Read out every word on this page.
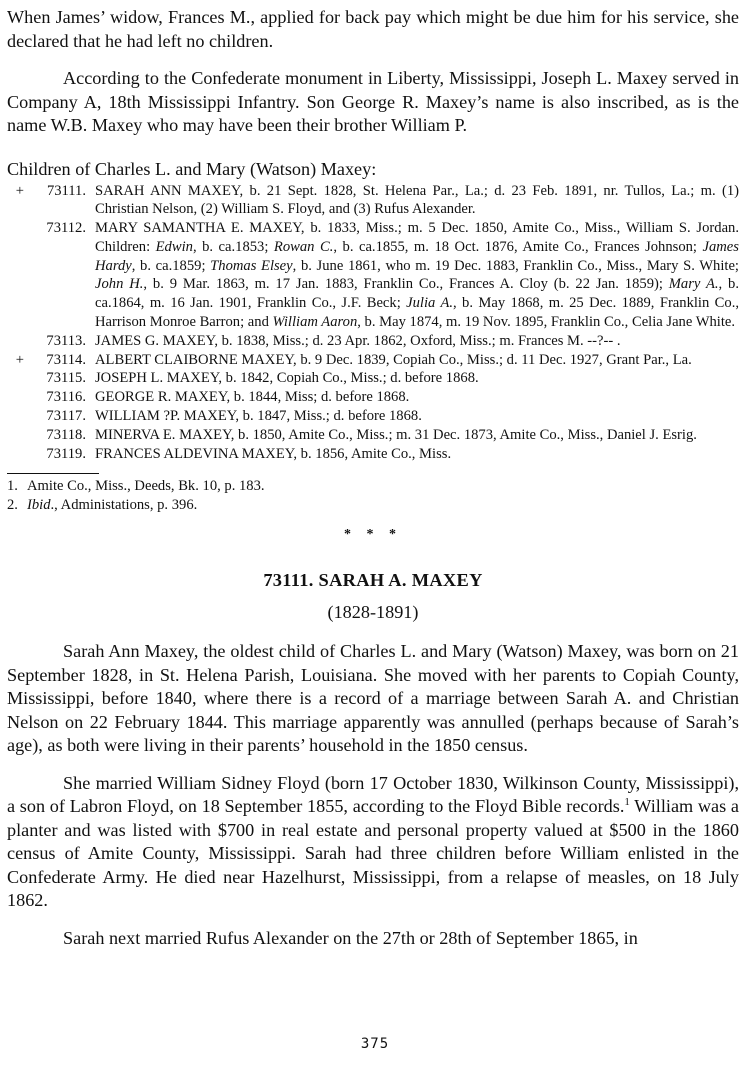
When James’ widow, Frances M., applied for back pay which might be due him for his service, she declared that he had left no children.

According to the Confederate monument in Liberty, Mississippi, Joseph L. Maxey served in Company A, 18th Mississippi Infantry. Son George R. Maxey’s name is also inscribed, as is the name W.B. Maxey who may have been their brother William P.

Children of Charles L. and Mary (Watson) Maxey:

+	73111. SARAH ANN MAXEY, b. 21 Sept. 1828, St. Helena Par., La.; d. 23 Feb. 1891, nr. Tullos, La.; m. (1) Christian Nelson, (2) William S. Floyd, and (3) Rufus Alexander.
73112. MARY SAMANTHA E. MAXEY, b. 1833, Miss.; m. 5 Dec. 1850, Amite Co., Miss., William S. Jordan. Children: Edwin, b. ca.1853; Rowan C., b. ca.1855, m. 18 Oct. 1876, Amite Co., Frances Johnson; James Hardy, b. ca.1859; Thomas Elsey, b. June 1861, who m. 19 Dec. 1883, Franklin Co., Miss., Mary S. White; John H., b. 9 Mar. 1863, m. 17 Jan. 1883, Franklin Co., Frances A. Cloy (b. 22 Jan. 1859); Mary A., b. ca.1864, m. 16 Jan. 1901, Franklin Co., J.F. Beck; Julia A., b. May 1868, m. 25 Dec. 1889, Franklin Co., Harrison Monroe Barron; and William Aaron, b. May 1874, m. 19 Nov. 1895, Franklin Co., Celia Jane White.
73113. JAMES G. MAXEY, b. 1838, Miss.; d. 23 Apr. 1862, Oxford, Miss.; m. Frances M. --?-- .
+	73114. ALBERT CLAIBORNE MAXEY, b. 9 Dec. 1839, Copiah Co., Miss.; d. 11 Dec. 1927, Grant Par., La.
73115. JOSEPH L. MAXEY, b. 1842, Copiah Co., Miss.; d. before 1868.
73116. GEORGE R. MAXEY, b. 1844, Miss; d. before 1868.
73117. WILLIAM ?P. MAXEY, b. 1847, Miss.; d. before 1868.
73118. MINERVA E. MAXEY, b. 1850, Amite Co., Miss.; m. 31 Dec. 1873, Amite Co., Miss., Daniel J. Esrig.
73119. FRANCES ALDEVINA MAXEY, b. 1856, Amite Co., Miss.
1. Amite Co., Miss., Deeds, Bk. 10, p. 183.
2. Ibid., Administations, p. 396.
* * *
73111. SARAH A. MAXEY
(1828-1891)

Sarah Ann Maxey, the oldest child of Charles L. and Mary (Watson) Maxey, was born on 21 September 1828, in St. Helena Parish, Louisiana. She moved with her parents to Copiah County, Mississippi, before 1840, where there is a record of a marriage between Sarah A. and Christian Nelson on 22 February 1844. This marriage apparently was annulled (perhaps because of Sarah’s age), as both were living in their parents’ household in the 1850 census.

She married William Sidney Floyd (born 17 October 1830, Wilkinson County, Mississippi), a son of Labron Floyd, on 18 September 1855, according to the Floyd Bible records.$^1$ William was a planter and was listed with $700 in real estate and personal property valued at $500 in the 1860 census of Amite County, Mississippi. Sarah had three children before William enlisted in the Confederate Army. He died near Hazelhurst, Mississippi, from a relapse of measles, on 18 July 1862.

Sarah next married Rufus Alexander on the 27th or 28th of September 1865, in

375
